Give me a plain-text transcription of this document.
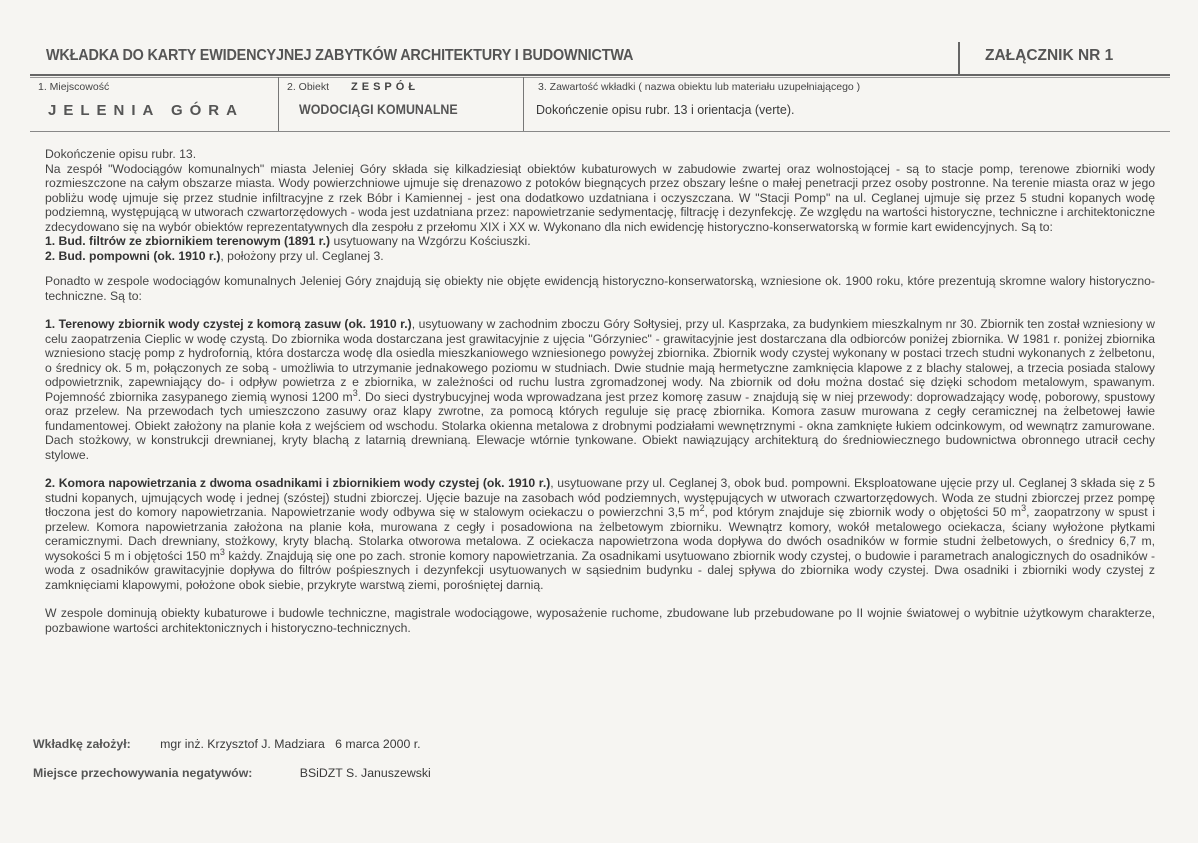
WKŁADKA DO KARTY EWIDENCYJNEJ ZABYTKÓW ARCHITEKTURY I BUDOWNICTWA	ZAŁĄCZNIK NR 1
1. Miejscowość
JELENIA GÓRA
2. Obiekt ZESPÓŁ
WODOCIĄGI KOMUNALNE
3. Zawartość wkładki ( nazwa obiektu lub materiału uzupełniającego )
Dokończenie opisu rubr. 13 i orientacja (verte).

Dokończenie opisu rubr. 13.

Na zespół "Wodociągów komunalnych" miasta Jeleniej Góry składa się kilkadziesiąt obiektów kubaturowych w zabudowie zwartej oraz wolnostojącej - są to stacje pomp, terenowe zbiorniki wody rozmieszczone na całym obszarze miasta. Wody powierzchniowe ujmuje się drenazowo z potoków biegnących przez obszary leśne o małej penetracji przez osoby postronne. Na terenie miasta oraz w jego pobliżu wodę ujmuje się przez studnie infiltracyjne z rzek Bóbr i Kamiennej - jest ona dodatkowo uzdatniana i oczyszczana. W "Stacji Pomp" na ul. Ceglanej ujmuje się przez 5 studni kopanych wodę podziemną, występującą w utworach czwartorzędowych - woda jest uzdatniana przez: napowietrzanie sedymentację, filtrację i dezynfekcję. Ze względu na wartości historyczne, techniczne i architektoniczne zdecydowano się na wybór obiektów reprezentatywnych dla zespołu z przełomu XIX i XX w. Wykonano dla nich ewidencję historyczno-konserwatorską w formie kart ewidencyjnych. Są to:

1. Bud. filtrów ze zbiornikiem terenowym (1891 r.) usytuowany na Wzgórzu Kościuszki.

2. Bud. pompowni (ok. 1910 r.), położony przy ul. Ceglanej 3.

Ponadto w zespole wodociągów komunalnych Jeleniej Góry znajdują się obiekty nie objęte ewidencją historyczno-konserwatorską, wzniesione ok. 1900 roku, które prezentują skromne walory historyczno-techniczne. Są to:

1. Terenowy zbiornik wody czystej z komorą zasuw (ok. 1910 r.), usytuowany w zachodnim zboczu Góry Sołtysiej, przy ul. Kasprzaka, za budynkiem mieszkalnym nr 30. Zbiornik ten został wzniesiony w celu zaopatrzenia Cieplic w wodę czystą. Do zbiornika woda dostarczana jest grawitacyjnie z ujęcia "Górzyniec" - grawitacyjnie jest dostarczana dla odbiorców poniżej zbiornika. W 1981 r. poniżej zbiornika wzniesiono stację pomp z hydrofornią, która dostarcza wodę dla osiedla mieszkaniowego wzniesionego powyżej zbiornika. Zbiornik wody czystej wykonany w postaci trzech studni wykonanych z żelbetonu, o średnicy ok. 5 m, połączonych ze sobą - umożliwia to utrzymanie jednakowego poziomu w studniach. Dwie studnie mają hermetyczne zamknięcia klapowe z z blachy stalowej, a trzecia posiada stalowy odpowietrznik, zapewniający do- i odpływ powietrza z e zbiornika, w zależności od ruchu lustra zgromadzonej wody. Na zbiornik od dołu można dostać się dzięki schodom metalowym, spawanym. Pojemność zbiornika zasypanego ziemią wynosi 1200 $m^3$. Do sieci dystrybucyjnej woda wprowadzana jest przez komorę zasuw - znajdują się w niej przewody: doprowadzający wodę, poborowy, spustowy oraz przelew. Na przewodach tych umieszczono zasuwy oraz klapy zwrotne, za pomocą których reguluje się pracę zbiornika. Komora zasuw murowana z cegły ceramicznej na żelbetowej ławie fundamentowej. Obiekt założony na planie koła z wejściem od wschodu. Stolarka okienna metalowa z drobnymi podziałami wewnętrznymi - okna zamknięte łukiem odcinkowym, od wewnątrz zamurowane. Dach stożkowy, w konstrukcji drewnianej, kryty blachą z latarnią drewnianą. Elewacje wtórnie tynkowane. Obiekt nawiązujący architekturą do średniowiecznego budownictwa obronnego utracił cechy stylowe.

2. Komora napowietrzania z dwoma osadnikami i zbiornikiem wody czystej (ok. 1910 r.), usytuowane przy ul. Ceglanej 3, obok bud. pompowni. Eksploatowane ujęcie przy ul. Ceglanej 3 składa się z 5 studni kopanych, ujmujących wodę i jednej (szóstej) studni zbiorczej. Ujęcie bazuje na zasobach wód podziemnych, występujących w utworach czwartorzędowych. Woda ze studni zbiorczej przez pompę tłoczona jest do komory napowietrzania. Napowietrzanie wody odbywa się w stalowym ociekaczu o powierzchni 3,5 $m^2$, pod którym znajduje się zbiornik wody o objętości 50 $m^3$, zaopatrzony w spust i przelew. Komora napowietrzania założona na planie koła, murowana z cegły i posadowiona na żelbetowym zbiorniku. Wewnątrz komory, wokół metalowego ociekacza, ściany wyłożone płytkami ceramicznymi. Dach drewniany, stożkowy, kryty blachą. Stolarka otworowa metalowa. Z ociekacza napowietrzona woda dopływa do dwóch osadników w formie studni żelbetowych, o średnicy 6,7 m, wysokości 5 m i objętości 150 $m^3$ każdy. Znajdują się one po zach. stronie komory napowietrzania. Za osadnikami usytuowano zbiornik wody czystej, o budowie i parametrach analogicznych do osadników - woda z osadników grawitacyjnie dopływa do filtrów pośpiesznych i dezynfekcji usytuowanych w sąsiednim budynku - dalej spływa do zbiornika wody czystej. Dwa osadniki i zbiorniki wody czystej z zamknięciami klapowymi, położone obok siebie, przykryte warstwą ziemi, porośniętej darnią.

W zespole dominują obiekty kubaturowe i budowle techniczne, magistrale wodociągowe, wyposażenie ruchome, zbudowane lub przebudowane po II wojnie światowej o wybitnie użytkowym charakterze, pozbawione wartości architektonicznych i historyczno-technicznych.

Wkładkę założył: mgr inż. Krzysztof J. Madziara   6 marca 2000 r.
Miejsce przechowywania negatywów:	BSiDZT S. Januszewski
